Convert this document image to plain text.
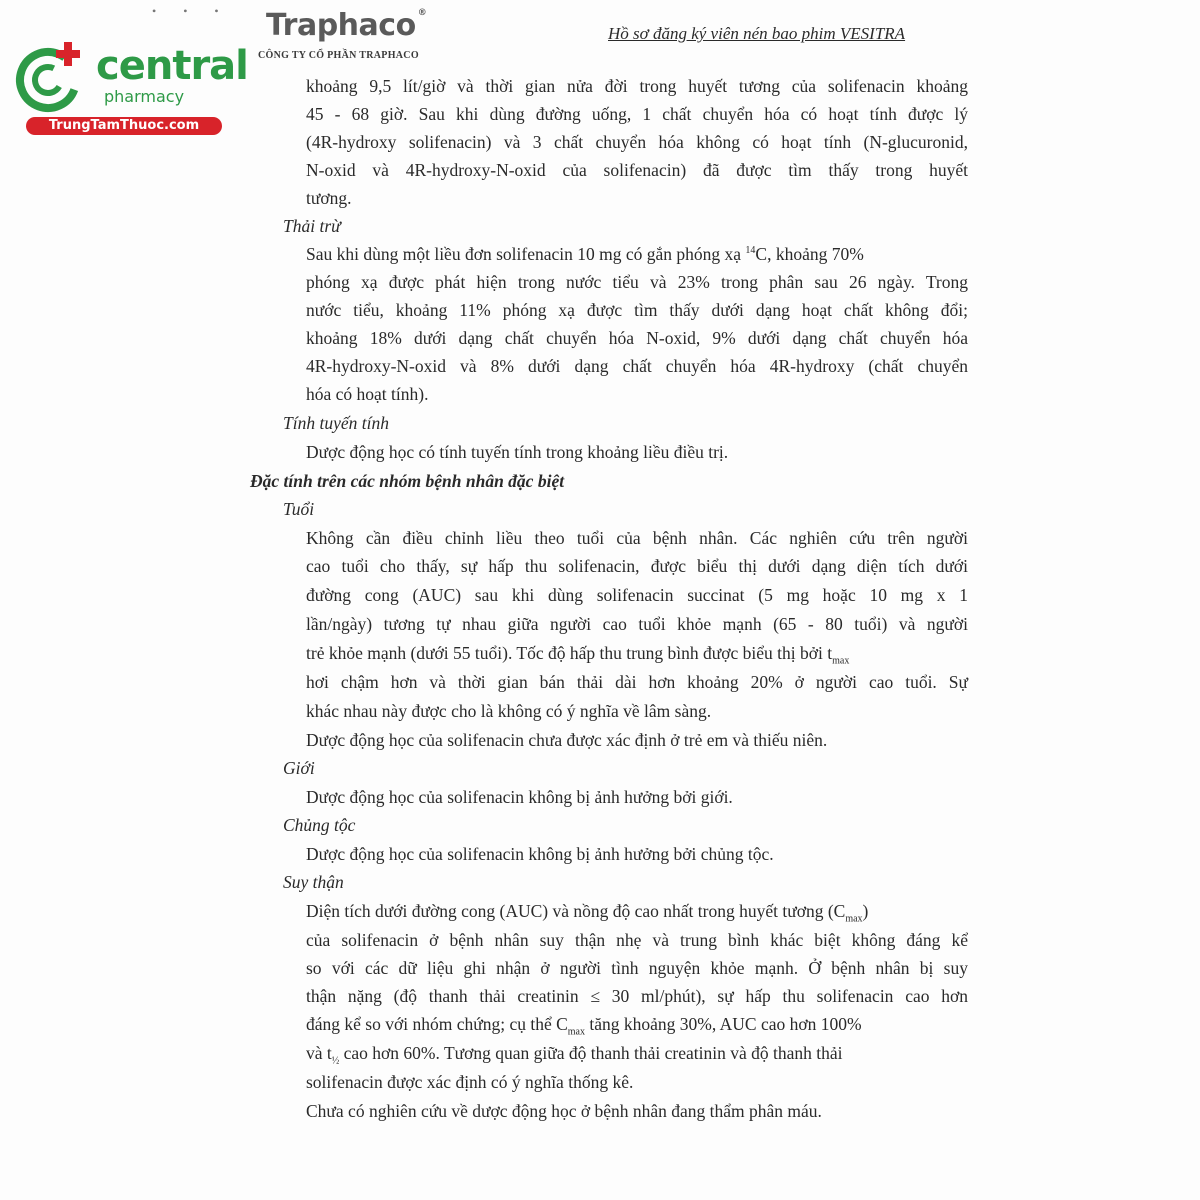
• • •
central
pharmacy
TrungTamThuoc.com
Traphaco ®
CÔNG TY CỔ PHẦN TRAPHACO
Hồ sơ đăng ký viên nén bao phim VESITRA
khoảng 9,5 lít/giờ và thời gian nửa đời trong huyết tương của solifenacin khoảng
45 - 68 giờ. Sau khi dùng đường uống, 1 chất chuyển hóa có hoạt tính được lý
(4R-hydroxy solifenacin) và 3 chất chuyển hóa không có hoạt tính (N-glucuronid,
N-oxid và 4R-hydroxy-N-oxid của solifenacin) đã được tìm thấy trong huyết
tương.
Thải trừ
Sau khi dùng một liều đơn solifenacin 10 mg có gắn phóng xạ $^{14}$C, khoảng 70%
phóng xạ được phát hiện trong nước tiểu và 23% trong phân sau 26 ngày. Trong
nước tiểu, khoảng 11% phóng xạ được tìm thấy dưới dạng hoạt chất không đổi;
khoảng 18% dưới dạng chất chuyển hóa N-oxid, 9% dưới dạng chất chuyển hóa
4R-hydroxy-N-oxid và 8% dưới dạng chất chuyển hóa 4R-hydroxy (chất chuyển
hóa có hoạt tính).
Tính tuyến tính
Dược động học có tính tuyến tính trong khoảng liều điều trị.
Đặc tính trên các nhóm bệnh nhân đặc biệt
Tuổi
Không cần điều chỉnh liều theo tuổi của bệnh nhân. Các nghiên cứu trên người
cao tuổi cho thấy, sự hấp thu solifenacin, được biểu thị dưới dạng diện tích dưới
đường cong (AUC) sau khi dùng solifenacin succinat (5 mg hoặc 10 mg x 1
lần/ngày) tương tự nhau giữa người cao tuổi khỏe mạnh (65 - 80 tuổi) và người
trẻ khỏe mạnh (dưới 55 tuổi). Tốc độ hấp thu trung bình được biểu thị bởi $t_{max}$
hơi chậm hơn và thời gian bán thải dài hơn khoảng 20% ở người cao tuổi. Sự
khác nhau này được cho là không có ý nghĩa về lâm sàng.
Dược động học của solifenacin chưa được xác định ở trẻ em và thiếu niên.
Giới
Dược động học của solifenacin không bị ảnh hưởng bởi giới.
Chủng tộc
Dược động học của solifenacin không bị ảnh hưởng bởi chủng tộc.
Suy thận
Diện tích dưới đường cong (AUC) và nồng độ cao nhất trong huyết tương $(C_{max})$
của solifenacin ở bệnh nhân suy thận nhẹ và trung bình khác biệt không đáng kể
so với các dữ liệu ghi nhận ở người tình nguyện khỏe mạnh. Ở bệnh nhân bị suy
thận nặng (độ thanh thải creatinin ≤ 30 ml/phút), sự hấp thu solifenacin cao hơn
đáng kể so với nhóm chứng; cụ thể $C_{max}$ tăng khoảng 30%, AUC cao hơn 100%
và $t_{\frac{1}{2}}$ cao hơn 60%. Tương quan giữa độ thanh thải creatinin và độ thanh thải
solifenacin được xác định có ý nghĩa thống kê.
Chưa có nghiên cứu về dược động học ở bệnh nhân đang thẩm phân máu.
